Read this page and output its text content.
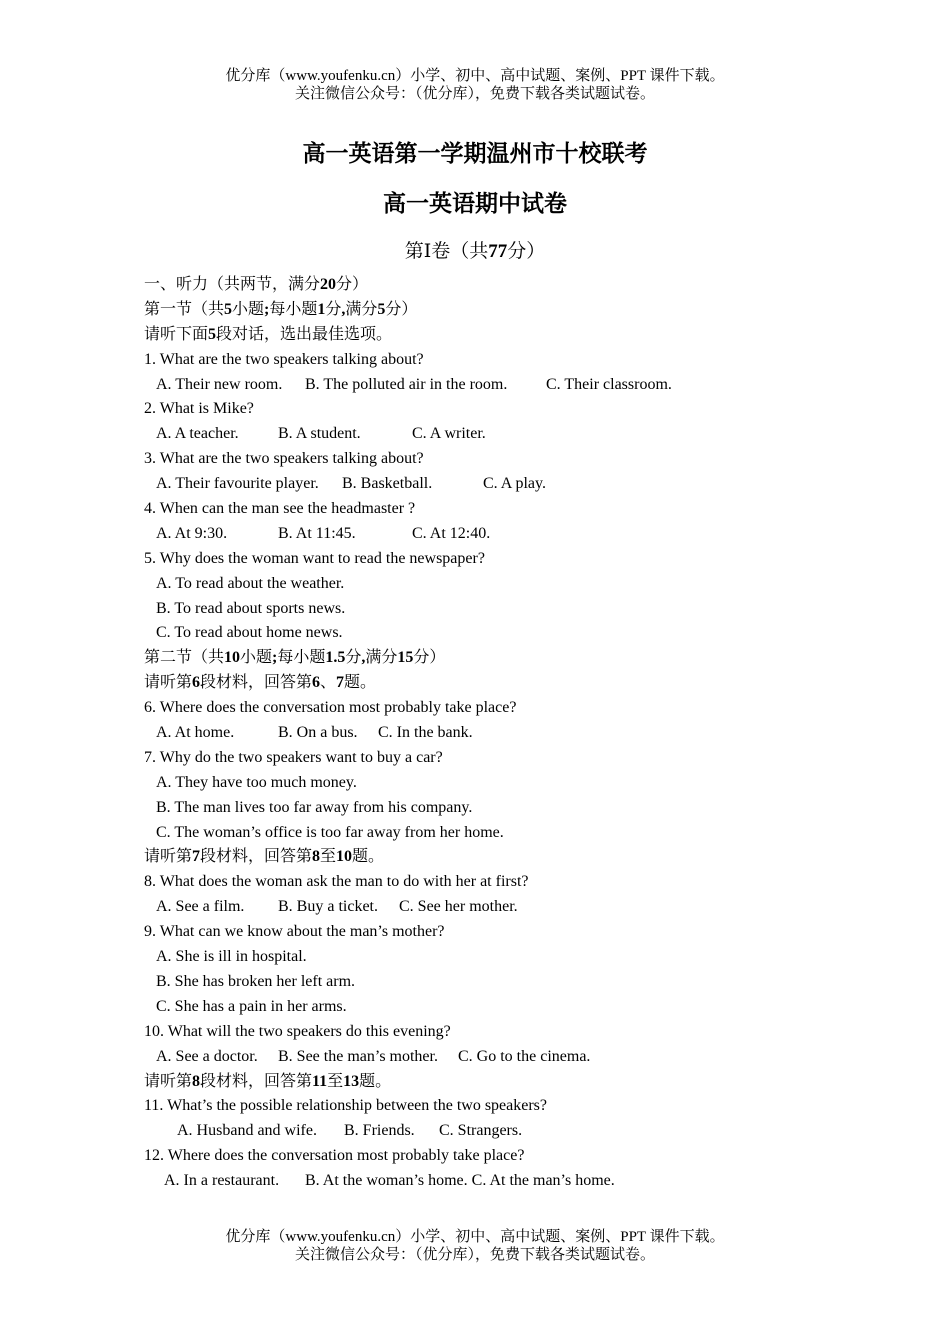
优分库（www.youfenku.cn）小学、初中、高中试题、案例、PPT 课件下载。
关注微信公众号：（优分库），免费下载各类试题试卷。
高一英语第一学期温州市十校联考
高一英语期中试卷
第Ⅰ卷（共77分）
一、听力（共两节，满分20分）
第一节（共5小题;每小题1分,满分5分）
请听下面5段对话，选出最佳选项。
1. What are the two speakers talking about?
A. Their new room. B. The polluted air in the room. C. Their classroom.
2. What is Mike?
A. A teacher. B. A student.	C. A writer.
3. What are the two speakers talking about?
A. Their favourite player. B. Basketball.	C. A play.
4. When can the man see the headmaster ?
A. At 9:30.	B. At 11:45.	C. At 12:40.
5. Why does the woman want to read the newspaper?
A. To read about the weather.
B. To read about sports news.
C. To read about home news.
第二节（共10小题;每小题1.5分,满分15分）
请听第6段材料，回答第6、7题。
6. Where does the conversation most probably take place?
A. At home.	B. On a bus. C. In the bank.
7. Why do the two speakers want to buy a car?
A. They have too much money.
B. The man lives too far away from his company.
C. The woman’s office is too far away from her home.
请听第7段材料，回答第8至10题。
8. What does the woman ask the man to do with her at first?
A. See a film. B. Buy a ticket. C. See her mother.
9. What can we know about the man’s mother?
A. She is ill in hospital.
B. She has broken her left arm.
C. She has a pain in her arms.
10. What will the two speakers do this evening?
A. See a doctor. B. See the man’s mother. C. Go to the cinema.
请听第8段材料，回答第11至13题。
11. What’s the possible relationship between the two speakers?
A. Husband and wife. B. Friends. C. Strangers.
12. Where does the conversation most probably take place?
A. In a restaurant. B. At the woman’s home. C. At the man’s home.
优分库（www.youfenku.cn）小学、初中、高中试题、案例、PPT 课件下载。
关注微信公众号：（优分库），免费下载各类试题试卷。
